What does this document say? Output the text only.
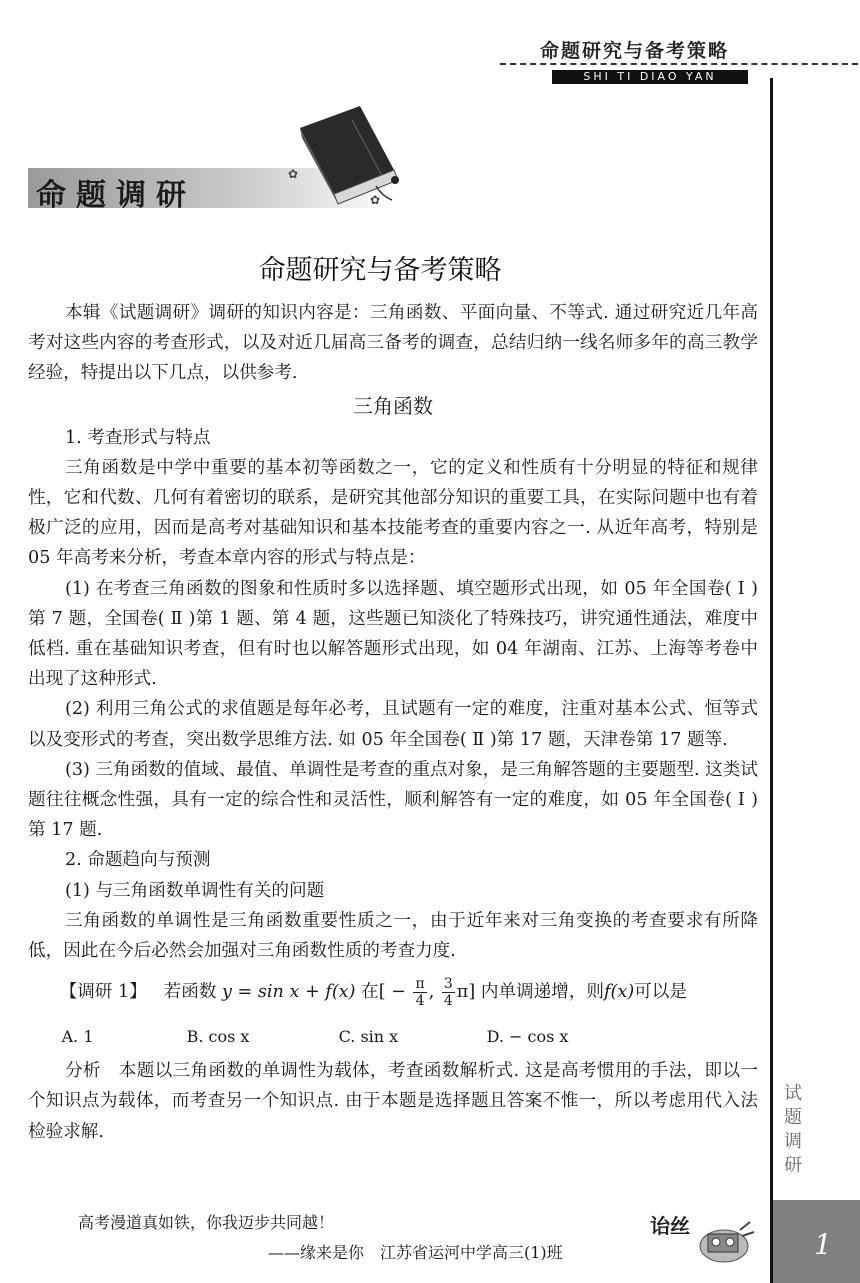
命题研究与备考策略
SHI TI DIAO YAN
命题调研
✿
✿
命题研究与备考策略

本辑《试题调研》调研的知识内容是：三角函数、平面向量、不等式. 通过研究近几年高考对这些内容的考查形式，以及对近几届高三备考的调查，总结归纳一线名师多年的高三教学经验，特提出以下几点，以供参考.

三角函数

1. 考查形式与特点

三角函数是中学中重要的基本初等函数之一，它的定义和性质有十分明显的特征和规律性，它和代数、几何有着密切的联系，是研究其他部分知识的重要工具，在实际问题中也有着极广泛的应用，因而是高考对基础知识和基本技能考查的重要内容之一. 从近年高考，特别是 05 年高考来分析，考查本章内容的形式与特点是：

(1) 在考查三角函数的图象和性质时多以选择题、填空题形式出现，如 05 年全国卷( Ⅰ )第 7 题，全国卷( Ⅱ )第 1 题、第 4 题，这些题已知淡化了特殊技巧，讲究通性通法，难度中低档. 重在基础知识考查，但有时也以解答题形式出现，如 04 年湖南、江苏、上海等考卷中出现了这种形式.

(2) 利用三角公式的求值题是每年必考，且试题有一定的难度，注重对基本公式、恒等式以及变形式的考查，突出数学思维方法. 如 05 年全国卷( Ⅱ )第 17 题，天津卷第 17 题等.

(3) 三角函数的值域、最值、单调性是考查的重点对象，是三角解答题的主要题型. 这类试题往往概念性强，具有一定的综合性和灵活性，顺利解答有一定的难度，如 05 年全国卷( Ⅰ )第 17 题.

2. 命题趋向与预测

(1) 与三角函数单调性有关的问题

三角函数的单调性是三角函数重要性质之一，由于近年来对三角变换的考查要求有所降低，因此在今后必然会加强对三角函数性质的考查力度.

【调研 1】 若函数 y = sin x + f(x) 在[ − $\frac{\pi}{4}$ , $\frac{3}{4} \pi$] 内单调递增，则f(x)可以是
A. 1	B. cos x	C. sin x	D. − cos x

分析　本题以三角函数的单调性为载体，考查函数解析式. 这是高考惯用的手法，即以一个知识点为载体，而考查另一个知识点. 由于本题是选择题且答案不惟一，所以考虑用代入法检验求解.

试
题
调
研
高考漫道真如铁，你我迈步共同越！
——缘来是你　江苏省运河中学高三(1)班
诒丝
1
